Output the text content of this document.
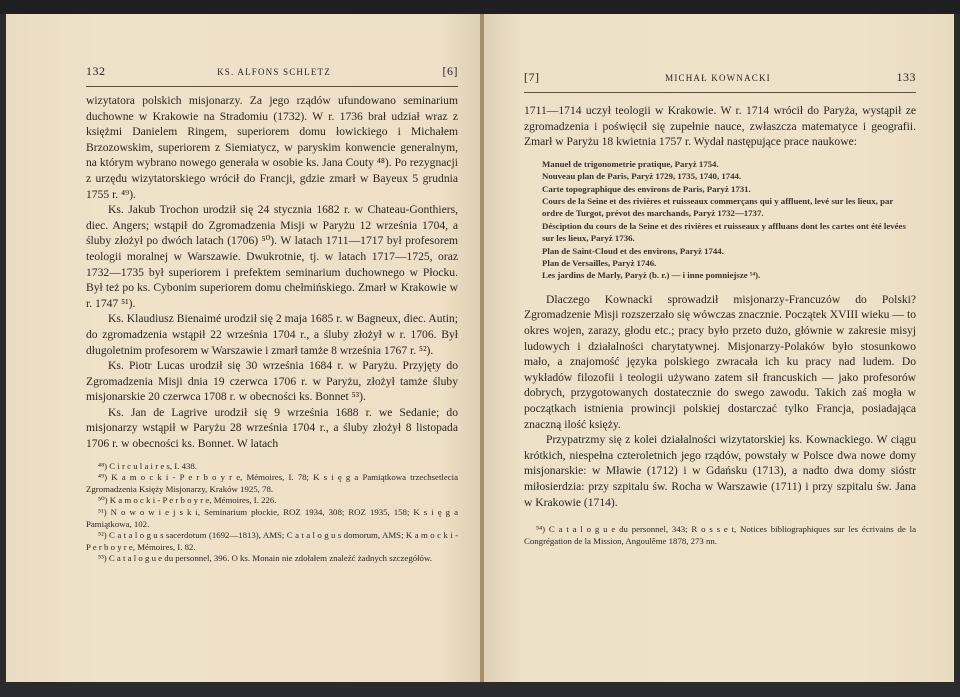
132	KS. ALFONS SCHLETZ	[6]

wizytatora polskich misjonarzy. Za jego rządów ufundowano seminarium duchowne w Krakowie na Stradomiu (1732). W r. 1736 brał udział wraz z księżmi Danielem Ringem, superiorem domu łowickiego i Michałem Brzozowskim, superiorem z Siemiatycz, w paryskim konwencie generalnym, na którym wybrano nowego generała w osobie ks. Jana Couty ⁴⁸). Po rezygnacji z urzędu wizytatorskiego wrócił do Francji, gdzie zmarł w Bayeux 5 grudnia 1755 r. ⁴⁹).

Ks. Jakub Trochon urodził się 24 stycznia 1682 r. w Chateau-Gonthiers, diec. Angers; wstąpił do Zgromadzenia Misji w Paryżu 12 września 1704, a śluby złożył po dwóch latach (1706) ⁵⁰). W latach 1711—1717 był profesorem teologii moralnej w Warszawie. Dwukrotnie, tj. w latach 1717—1725, oraz 1732—1735 był superiorem i prefektem seminarium duchownego w Płocku. Był też po ks. Cybonim superiorem domu chełmińskiego. Zmarł w Krakowie w r. 1747 ⁵¹).

Ks. Klaudiusz Bienaimé urodził się 2 maja 1685 r. w Bagneux, diec. Autin; do zgromadzenia wstąpił 22 września 1704 r., a śluby złożył w r. 1706. Był długoletnim profesorem w Warszawie i zmarł tamże 8 września 1767 r. ⁵²).

Ks. Piotr Lucas urodził się 30 września 1684 r. w Paryżu. Przyjęty do Zgromadzenia Misji dnia 19 czerwca 1706 r. w Paryżu, złożył tamże śluby misjonarskie 20 czerwca 1708 r. w obecności ks. Bonnet ⁵³).

Ks. Jan de Lagrive urodził się 9 września 1688 r. we Sedanie; do misjonarzy wstąpił w Paryżu 28 września 1704 r., a śluby złożył 8 listopada 1706 r. w obecności ks. Bonnet. W latach

⁴⁸) C i r c u l a i r e s, I. 438.

⁴⁹) K a m o c k i - P e r b o y r e, Mémoires, I. 78; K s i ę g a Pamiątkowa trzechsetlecia Zgromadzenia Księży Misjonarzy, Kraków 1925, 78.

⁵⁰) K a m o c k i - P e r b o y r e, Mémoires, I. 226.

⁵¹) N o w o w i e j s k i, Seminarium płockie, ROZ 1934, 308; ROZ 1935, 158; K s i ę g a Pamiątkowa, 102.

⁵²) C a t a l o g u s sacerdotum (1692—1813), AMS; C a t a l o g u s domorum, AMS; K a m o c k i - P e r b o y r e, Mémoires, I. 82.

⁵³) C a t a l o g u e du personnel, 396. O ks. Monain nie zdołałem znaleźć żadnych szczegółów.

[7]	MICHAŁ KOWNACKI	133

1711—1714 uczył teologii w Krakowie. W r. 1714 wrócił do Paryża, wystąpił ze zgromadzenia i poświęcił się zupełnie nauce, zwłaszcza matematyce i geografii. Zmarł w Paryżu 18 kwietnia 1757 r. Wydał następujące prace naukowe:

Manuel de trigonometrie pratique, Paryż 1754.
Nouveau plan de Paris, Paryż 1729, 1735, 1740, 1744.
Carte topographique des environs de Paris, Paryż 1731.
Cours de la Seine et des rivières et ruisseaux commerçans qui y affluent, levé sur les lieux, par ordre de Turgot, prévot des marchands, Paryż 1732—1737.
Désciption du cours de la Seine et des rivières et ruisseaux y affluans dont les cartes ont été levées sur les lieux, Paryż 1736.
Plan de Saint-Cloud et des environs, Paryż 1744.
Plan de Versailles, Paryż 1746.
Les jardins de Marly, Paryż (b. r.) — i inne pomniejsze ⁵⁴).

Dlaczego Kownacki sprowadził misjonarzy-Francuzów do Polski? Zgromadzenie Misji rozszerzało się wówczas znacznie. Początek XVIII wieku — to okres wojen, zarazy, głodu etc.; pracy było przeto dużo, głównie w zakresie misyj ludowych i działalności charytatywnej. Misjonarzy-Polaków było stosunkowo mało, a znajomość języka polskiego zwracała ich ku pracy nad ludem. Do wykładów filozofii i teologii używano zatem sił francuskich — jako profesorów dobrych, przygotowanych dostatecznie do swego zawodu. Takich zaś mogła w początkach istnienia prowincji polskiej dostarczać tylko Francja, posiadająca znaczną ilość księży.

Przypatrzmy się z kolei działalności wizytatorskiej ks. Kownackiego. W ciągu krótkich, niespełna czteroletnich jego rządów, powstały w Polsce dwa nowe domy misjonarskie: w Mławie (1712) i w Gdańsku (1713), a nadto dwa domy sióstr miłosierdzia: przy szpitalu św. Rocha w Warszawie (1711) i przy szpitalu św. Jana w Krakowie (1714).

⁵⁴) C a t a l o g u e du personnel, 343; R o s s e t, Notices bibliographiques sur les écrivains de la Congrégation de la Mission, Angoulême 1878, 273 nn.
